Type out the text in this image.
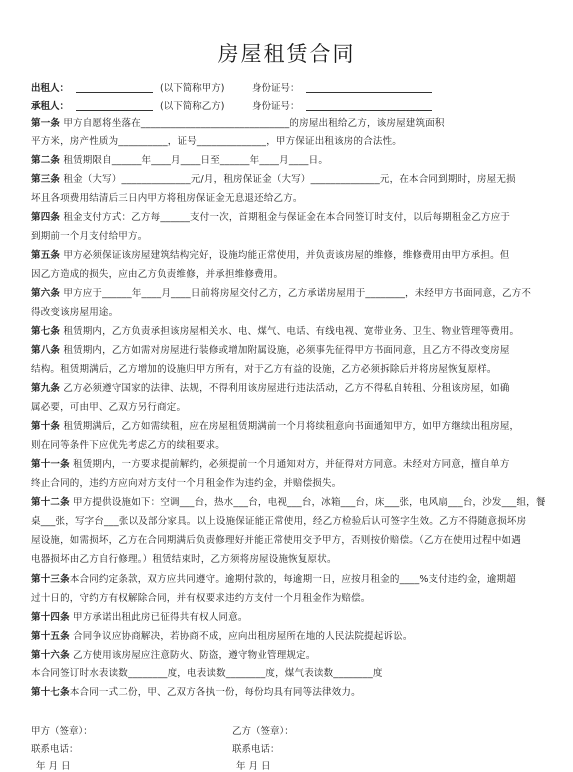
房屋租赁合同
出租人：	(以下简称甲方)	身份证号：
承租人：	(以下简称乙方)	身份证号：
第一条 甲方自愿将坐落在______________________________的房屋出租给乙方，该房屋建筑面积
平方米，房产性质为__________，证号______________，甲方保证出租该房的合法性。
第二条 租赁期限自______年____月____日至______年____月____日。
第三条 租金（大写）______________元/月，租房保证金（大写）______________元，在本合同到期时，房屋无损
坏且各项费用结清后三日内甲方将租房保证金无息退还给乙方。
第四条 租金支付方式：乙方每______支付一次，首期租金与保证金在本合同签订时支付，以后每期租金乙方应于
到期前一个月支付给甲方。
第五条 甲方必须保证该房屋建筑结构完好，设施均能正常使用，并负责该房屋的维修，维修费用由甲方承担。但
因乙方造成的损失，应由乙方负责维修，并承担维修费用。
第六条 甲方应于______年____月____日前将房屋交付乙方，乙方承诺房屋用于________，未经甲方书面同意，乙方不
得改变该房屋用途。
第七条 租赁期内，乙方负责承担该房屋相关水、电、煤气、电话、有线电视、宽带业务、卫生、物业管理等费用。
第八条 租赁期内，乙方如需对房屋进行装修或增加附属设施，必须事先征得甲方书面同意，且乙方不得改变房屋
结构。租赁期满后，乙方增加的设施归甲方所有，对于乙方有益的设施，乙方必须拆除后并将房屋恢复原样。
第九条 乙方必须遵守国家的法律、法规，不得利用该房屋进行违法活动，乙方不得私自转租、分租该房屋，如确
属必要，可由甲、乙双方另行商定。
第十条 租赁期满后，乙方如需续租，应在房屋租赁期满前一个月将续租意向书面通知甲方，如甲方继续出租房屋，
则在同等条件下应优先考虑乙方的续租要求。
第十一条 租赁期内，一方要求提前解约，必须提前一个月通知对方，并征得对方同意。未经对方同意，擅自单方
终止合同的，违约方应向对方支付一个月租金作为违约金，并赔偿损失。
第十二条 甲方提供设施如下：空调___台，热水___台，电视___台，冰箱___台，床___张，电风扇___台，沙发___组，餐
桌___张，写字台___张以及部分家具。以上设施保证能正常使用，经乙方检验后认可签字生效。乙方不得随意损坏房
屋设施，如需损坏，乙方在合同期满后负责修理好并能正常使用交予甲方，否则按价赔偿。（乙方在使用过程中如遇
电器损坏由乙方自行修理。）租赁结束时，乙方须将房屋设施恢复原状。
第十三条本合同约定条款，双方应共同遵守。逾期付款的，每逾期一日，应按月租金的____%支付违约金，逾期超
过十日的，守约方有权解除合同，并有权要求违约方支付一个月租金作为赔偿。
第十四条 甲方承诺出租此房已征得共有权人同意。
第十五条 合同争议应协商解决，若协商不成，应向出租房屋所在地的人民法院提起诉讼。
第十六条 乙方使用该房屋应注意防火、防盗，遵守物业管理规定。
本合同签订时水表读数________度，电表读数________度，煤气表读数________度
第十七条本合同一式二份，甲、乙双方各执一份，每份均具有同等法律效力。
甲方（签章）：	乙方（签章）：
联系电话：	联系电话：
年 月 日	年 月 日
